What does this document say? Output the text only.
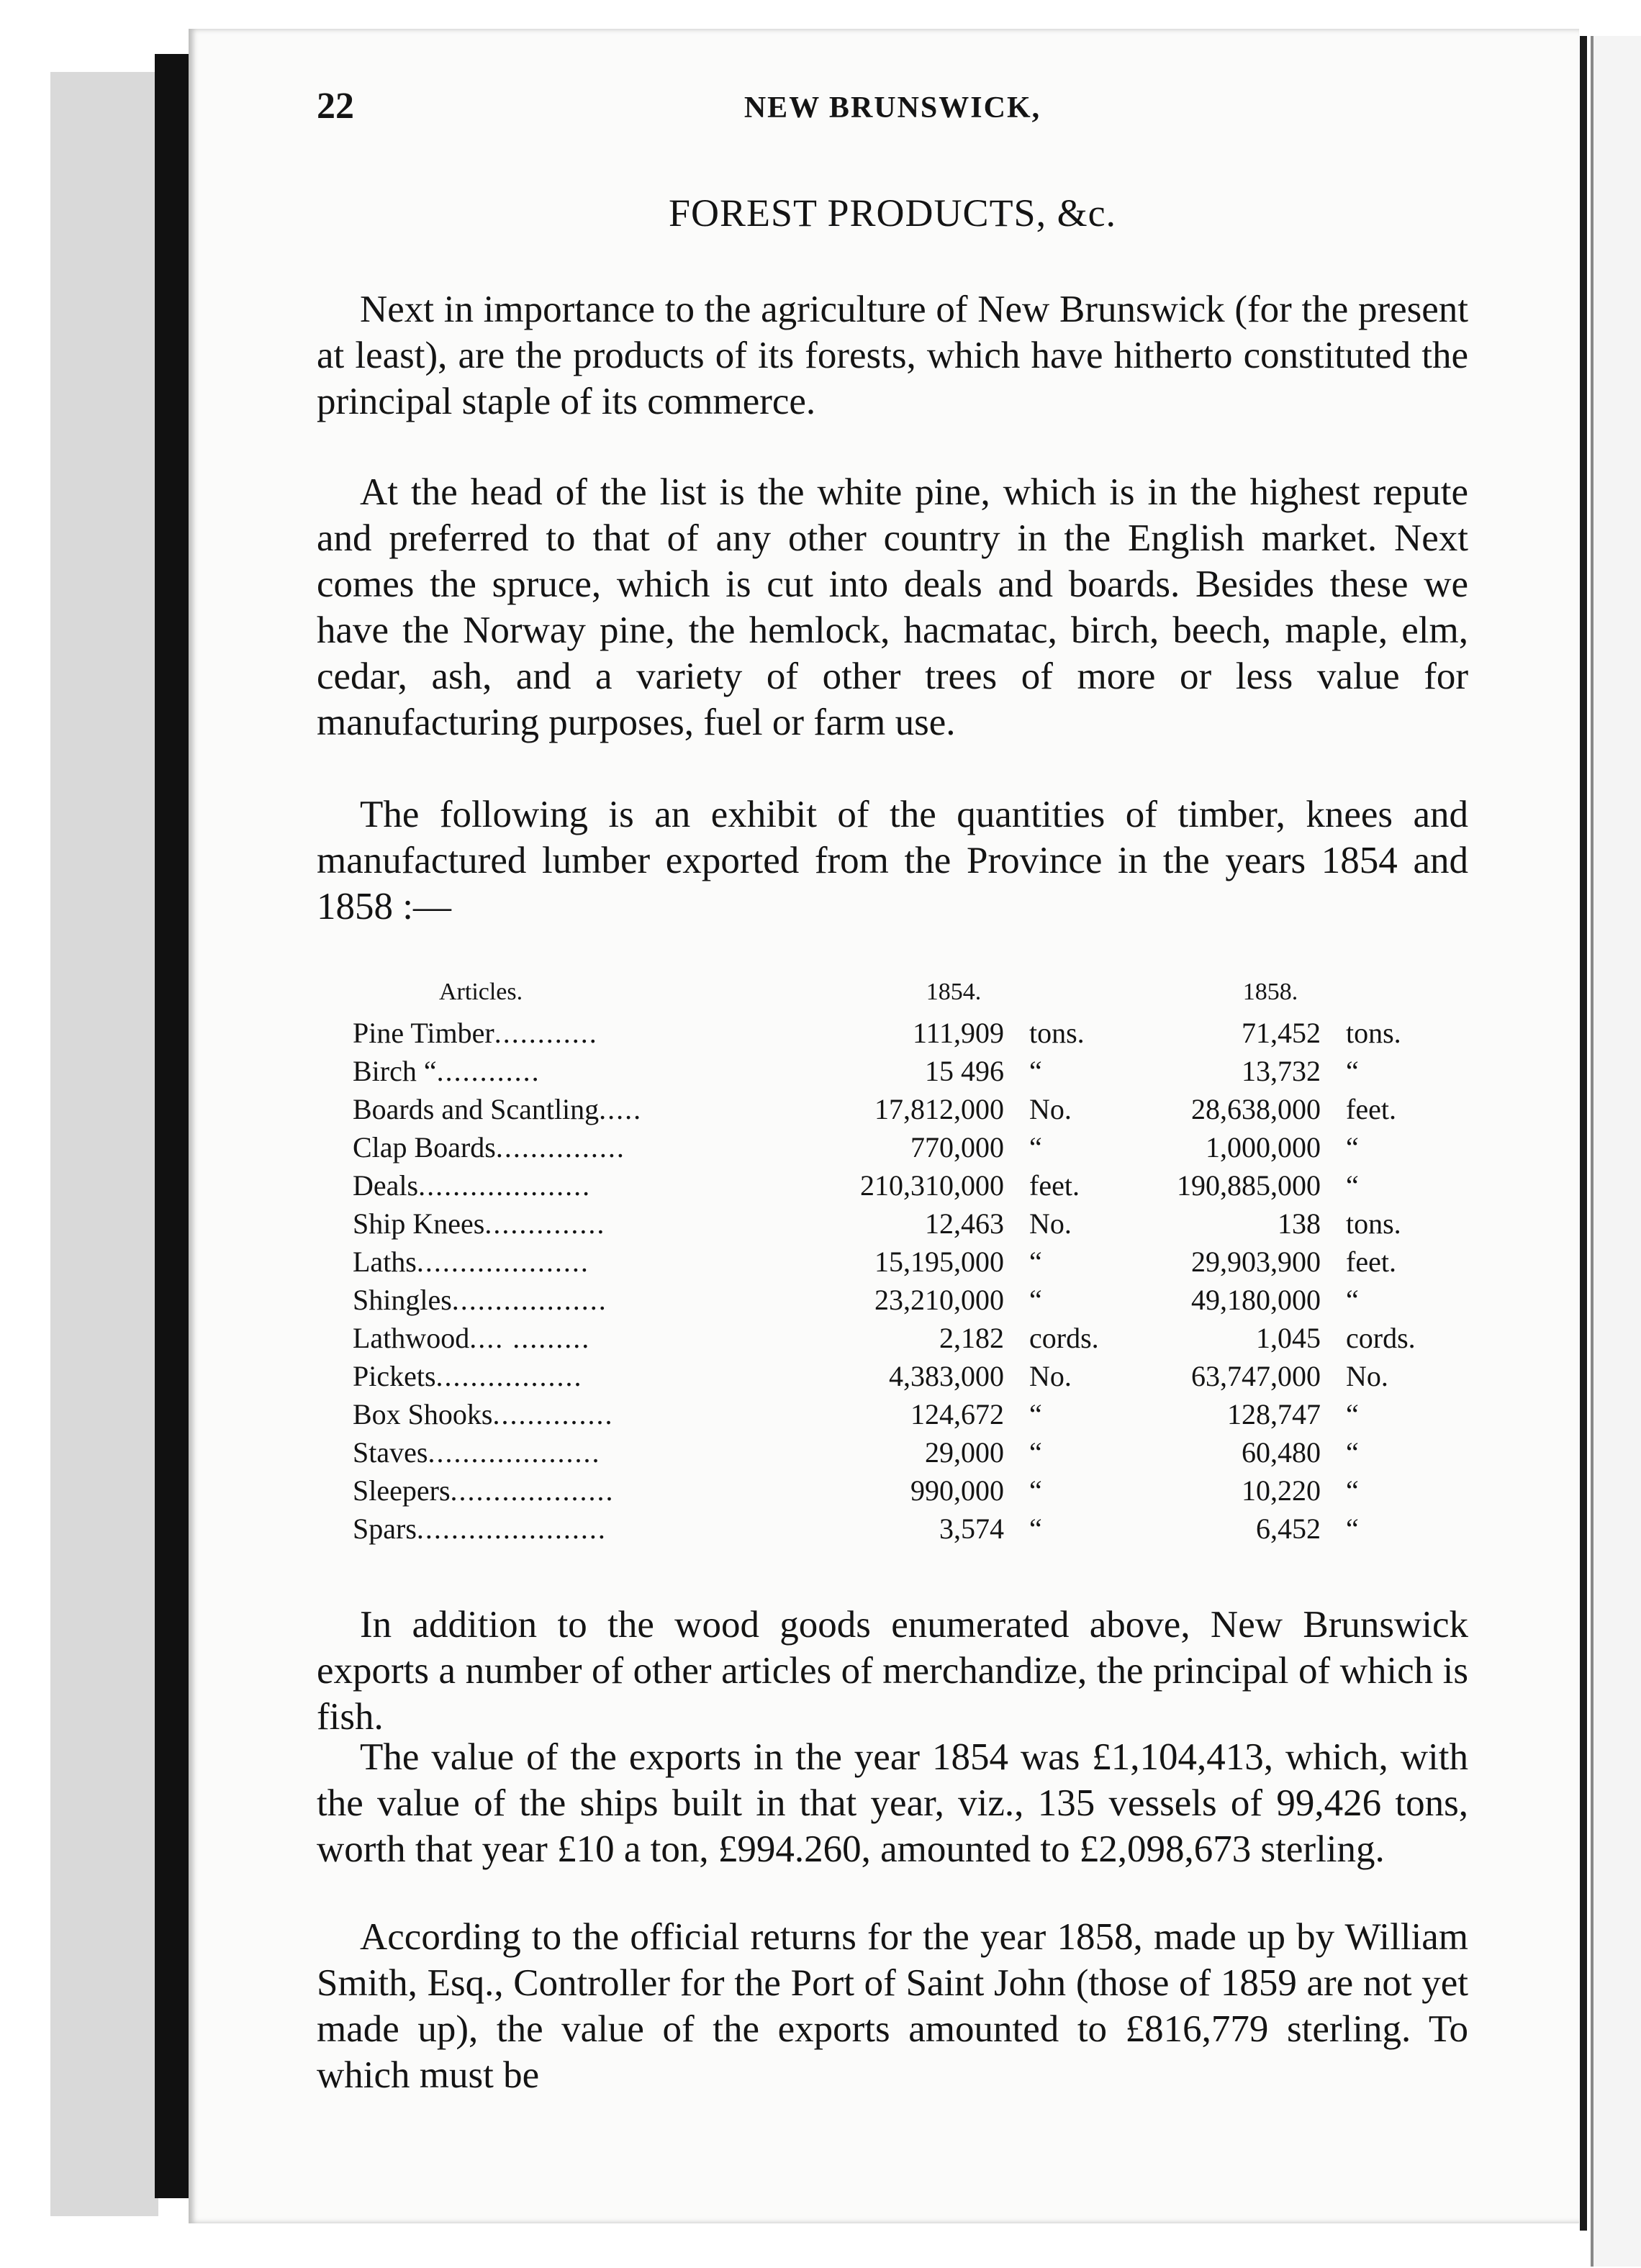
22	NEW BRUNSWICK,
FOREST PRODUCTS, &c.

Next in importance to the agriculture of New Brunswick (for the present at least), are the products of its forests, which have hitherto constituted the principal staple of its commerce.

At the head of the list is the white pine, which is in the highest repute and preferred to that of any other country in the English market. Next comes the spruce, which is cut into deals and boards. Besides these we have the Norway pine, the hemlock, hacmatac, birch, beech, maple, elm, cedar, ash, and a variety of other trees of more or less value for manufacturing purposes, fuel or farm use.

The following is an exhibit of the quantities of timber, knees and manufactured lumber exported from the Province in the years 1854 and 1858 :—

Articles.	1854.	1858.
Pine Timber............	111,909 tons.	71,452 tons.
Birch “............	15 496 “	13,732 “
Boards and Scantling.....	17,812,000 No.	28,638,000 feet.
Clap Boards...............	770,000 “	1,000,000 “
Deals....................	210,310,000 feet.	190,885,000 “
Ship Knees..............	12,463 No.	138 tons.
Laths....................	15,195,000 “	29,903,900 feet.
Shingles..................	23,210,000 “	49,180,000 “
Lathwood.... .........	2,182 cords.	1,045 cords.
Pickets.................	4,383,000 No.	63,747,000 No.
Box Shooks..............	124,672 “	128,747 “
Staves....................	29,000 “	60,480 “
Sleepers...................	990,000 “	10,220 “
Spars......................	3,574 “	6,452 “

In addition to the wood goods enumerated above, New Brunswick exports a number of other articles of merchandize, the principal of which is fish.

The value of the exports in the year 1854 was £1,104,413, which, with the value of the ships built in that year, viz., 135 vessels of 99,426 tons, worth that year £10 a ton, £994.260, amounted to £2,098,673 sterling.

According to the official returns for the year 1858, made up by William Smith, Esq., Controller for the Port of Saint John (those of 1859 are not yet made up), the value of the exports amounted to £816,779 sterling. To which must be
